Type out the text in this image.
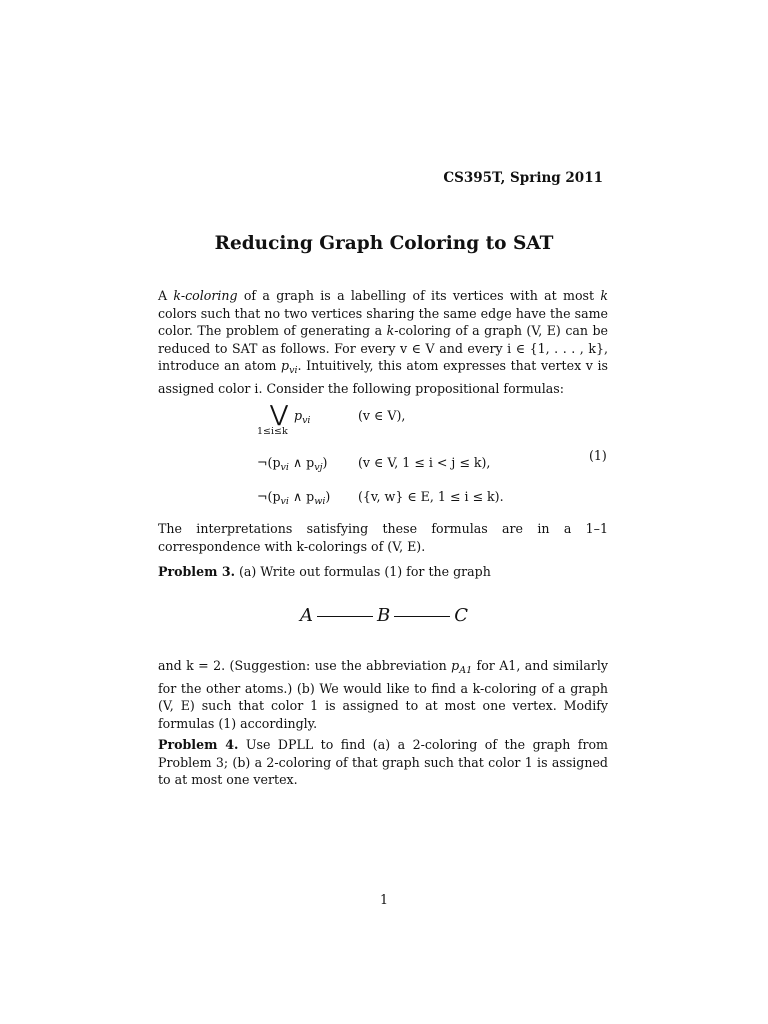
CS395T, Spring 2011
Reducing Graph Coloring to SAT

A k-coloring of a graph is a labelling of its vertices with at most k colors such that no two vertices sharing the same edge have the same color. The problem of generating a k-coloring of a graph (V, E) can be reduced to SAT as follows. For every v ∈ V and every i ∈ {1, . . . , k}, introduce an atom $p_{vi}$. Intuitively, this atom expresses that vertex v is assigned color i. Consider the following propositional formulas:

⋁
1≤i≤k
$p_{vi}$	(v ∈ V),
$\neg(p_{vi}$ ∧ $p_{vj}$) (v ∈ V, 1 ≤ i < j ≤ k),	(1)
$\neg(p_{vi}$ ∧ $p_{wi}$) ({v, w} ∈ E, 1 ≤ i ≤ k).
The interpretations satisfying these formulas are in a 1–1 correspondence with k-colorings of (V, E).

Problem 3. (a) Write out formulas (1) for the graph

A	B	C

and k = 2. (Suggestion: use the abbreviation $p_{A1}$ for A1, and similarly for the other atoms.) (b) We would like to find a k-coloring of a graph (V, E) such that color 1 is assigned to at most one vertex. Modify formulas (1) accordingly.

Problem 4. Use DPLL to find (a) a 2-coloring of the graph from Problem 3; (b) a 2-coloring of that graph such that color 1 is assigned to at most one vertex.

1
